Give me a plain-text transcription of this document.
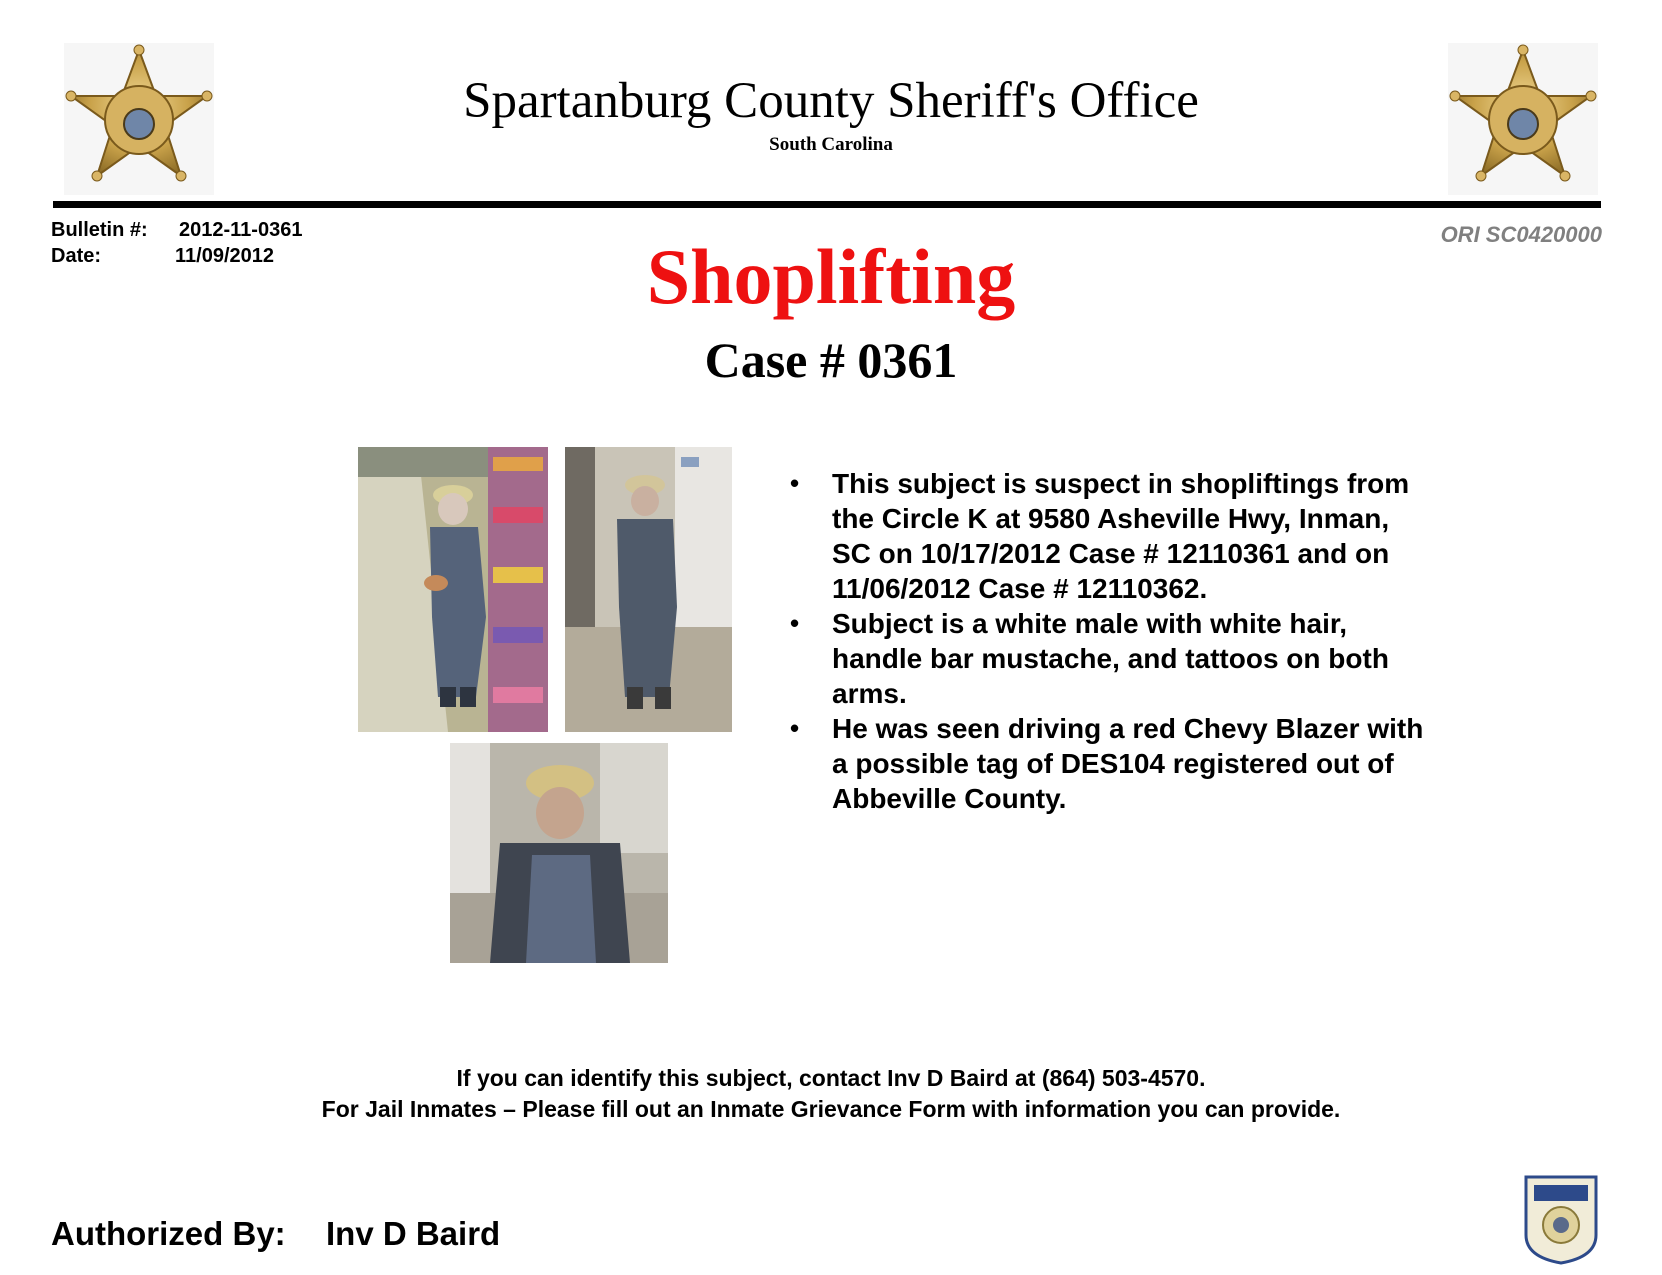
Spartanburg County Sheriff's Office
South Carolina
Bulletin #: 2012-11-0361
Date:	11/09/2012
ORI SC0420000
Shoplifting
Case # 0361
• This subject is suspect in shopliftings from the Circle K at 9580 Asheville Hwy, Inman, SC on 10/17/2012 Case # 12110361 and on 11/06/2012 Case # 12110362.
• Subject is a white male with white hair, handle bar mustache, and tattoos on both arms.
• He was seen driving a red Chevy Blazer with a possible tag of DES104 registered out of Abbeville County.
If you can identify this subject, contact Inv D Baird at (864) 503-4570.
For Jail Inmates – Please fill out an Inmate Grievance Form with information you can provide.
Authorized By: Inv D Baird
